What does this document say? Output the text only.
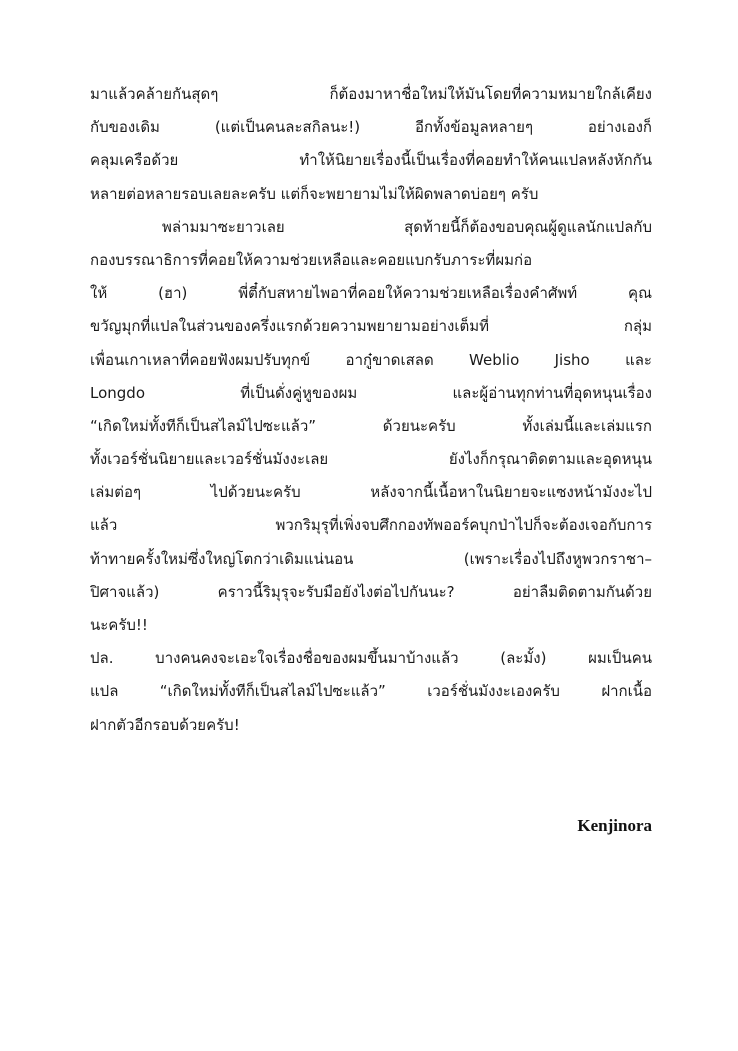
มาแล้วคล้ายกันสุดๆ ก็ต้องมาหาชื่อใหม่ให้มันโดยที่ความหมายใกล้เคียง
กับของเดิม (แต่เป็นคนละสกิลนะ!) อีกทั้งข้อมูลหลายๆ อย่างเองก็
คลุมเครือด้วย ทำให้นิยายเรื่องนี้เป็นเรื่องที่คอยทำให้คนแปลหลังหักกัน
หลายต่อหลายรอบเลยละครับ แต่ก็จะพยายามไม่ให้ผิดพลาดบ่อยๆ ครับ
พล่ามมาซะยาวเลย สุดท้ายนี้ก็ต้องขอบคุณผู้ดูแลนักแปลกับ
กองบรรณาธิการที่คอยให้ความช่วยเหลือและคอยแบกรับภาระที่ผมก่อ
ให้ (ฮา) พี่ตี๋กับสหายไพอาที่คอยให้ความช่วยเหลือเรื่องคำศัพท์ คุณ
ขวัญมุกที่แปลในส่วนของครึ่งแรกด้วยความพยายามอย่างเต็มที่ กลุ่ม
เพื่อนเกาเหลาที่คอยฟังผมปรับทุกข์ อากู๋ขาดเสลด Weblio Jisho และ
Longdo ที่เป็นดั่งคู่หูของผม และผู้อ่านทุกท่านที่อุดหนุนเรื่อง
“เกิดใหม่ทั้งทีก็เป็นสไลม์ไปซะแล้ว” ด้วยนะครับ ทั้งเล่มนี้และเล่มแรก
ทั้งเวอร์ชั่นนิยายและเวอร์ชั่นมังงะเลย ยังไงก็กรุณาติดตามและอุดหนุน
เล่มต่อๆ ไปด้วยนะครับ หลังจากนี้เนื้อหาในนิยายจะแซงหน้ามังงะไป
แล้ว พวกริมุรุที่เพิ่งจบศึกกองทัพออร์คบุกป่าไปก็จะต้องเจอกับการ
ท้าทายครั้งใหม่ซึ่งใหญ่โตกว่าเดิมแน่นอน (เพราะเรื่องไปถึงหูพวกราชา–
ปิศาจแล้ว) คราวนี้ริมุรุจะรับมือยังไงต่อไปกันนะ? อย่าลืมติดตามกันด้วย
นะครับ!!
ปล. บางคนคงจะเอะใจเรื่องชื่อของผมขึ้นมาบ้างแล้ว (ละมั้ง) ผมเป็นคน
แปล “เกิดใหม่ทั้งทีก็เป็นสไลม์ไปซะแล้ว” เวอร์ชั่นมังงะเองครับ ฝากเนื้อ
ฝากตัวอีกรอบด้วยครับ!
Kenjinora
